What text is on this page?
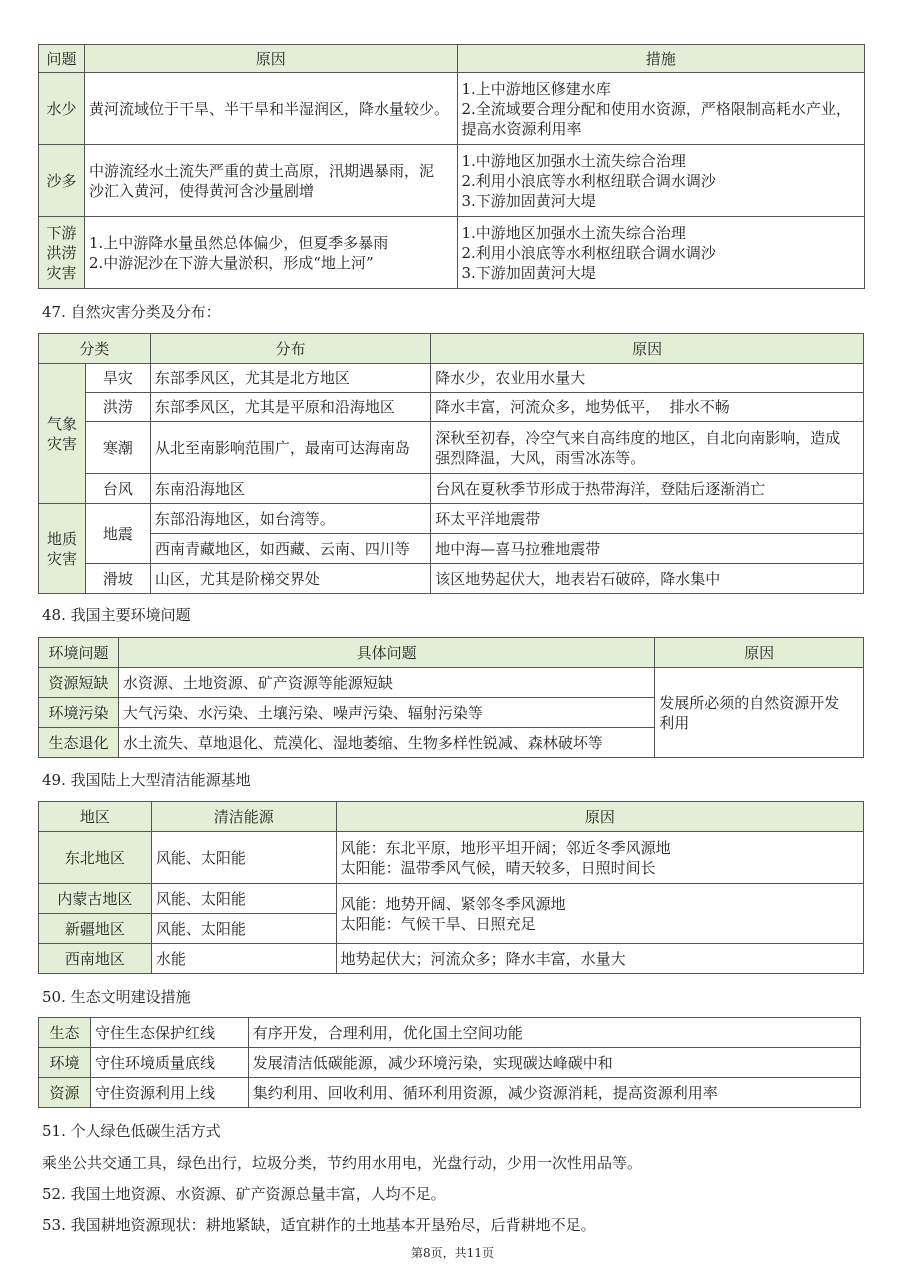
问题	原因	措施
水少	黄河流域位于干旱、半干旱和半湿润区，降水量较少。	1.上中游地区修建水库
2.全流域要合理分配和使用水资源，严格限制高耗水产业，
提高水资源利用率

沙多	中游流经水土流失严重的黄土高原，汛期遇暴雨，泥
沙汇入黄河，使得黄河含沙量剧增	1.中游地区加强水土流失综合治理
2.利用小浪底等水利枢纽联合调水调沙
3.下游加固黄河大堤

下游
洪涝
灾害	1.上中游降水量虽然总体偏少，但夏季多暴雨
2.中游泥沙在下游大量淤积，形成“地上河”	1.中游地区加强水土流失综合治理
2.利用小浪底等水利枢纽联合调水调沙
3.下游加固黄河大堤
47. 自然灾害分类及分布：
分类		分布	原因

气象
灾害	旱灾	东部季风区，尤其是北方地区	降水少，农业用水量大
	洪涝	东部季风区，尤其是平原和沿海地区	降水丰富，河流众多，地势低平，  排水不畅
	寒潮	从北至南影响范围广，最南可达海南岛	深秋至初春，冷空气来自高纬度的地区，自北向南影响，造成
强烈降温，大风，雨雪冰冻等。

	台风	东南沿海地区	台风在夏秋季节形成于热带海洋，登陆后逐渐消亡

地质
灾害	地震	东部沿海地区，如台湾等。	环太平洋地震带
		西南青藏地区，如西藏、云南、四川等	地中海—喜马拉雅地震带
	滑坡	山区，尤其是阶梯交界处	该区地势起伏大，地表岩石破碎，降水集中
48. 我国主要环境问题
环境问题	具体问题	原因
资源短缺	水资源、土地资源、矿产资源等能源短缺	发展所必须的自然资源开发
利用

环境污染	大气污染、水污染、土壤污染、噪声污染、辐射污染等	
生态退化	水土流失、草地退化、荒漠化、湿地萎缩、生物多样性锐减、森林破坏等	
49. 我国陆上大型清洁能源基地
地区	清洁能源	原因
东北地区	风能、太阳能	风能：东北平原，地形平坦开阔；邻近冬季风源地
太阳能：温带季风气候，晴天较多，日照时间长

内蒙古地区	风能、太阳能	风能：地势开阔、紧邻冬季风源地
太阳能：气候干旱、日照充足

新疆地区	风能、太阳能	
西南地区	水能	地势起伏大；河流众多；降水丰富，水量大
50. 生态文明建设措施
生态	守住生态保护红线	有序开发，合理利用，优化国土空间功能
环境	守住环境质量底线	发展清洁低碳能源，减少环境污染，实现碳达峰碳中和
资源	守住资源利用上线	集约利用、回收利用、循环利用资源，减少资源消耗，提高资源利用率
51. 个人绿色低碳生活方式
乘坐公共交通工具，绿色出行，垃圾分类，节约用水用电，光盘行动，少用一次性用品等。
52. 我国土地资源、水资源、矿产资源总量丰富，人均不足。
53. 我国耕地资源现状：耕地紧缺，适宜耕作的土地基本开垦殆尽，后背耕地不足。
第8页，共11页
